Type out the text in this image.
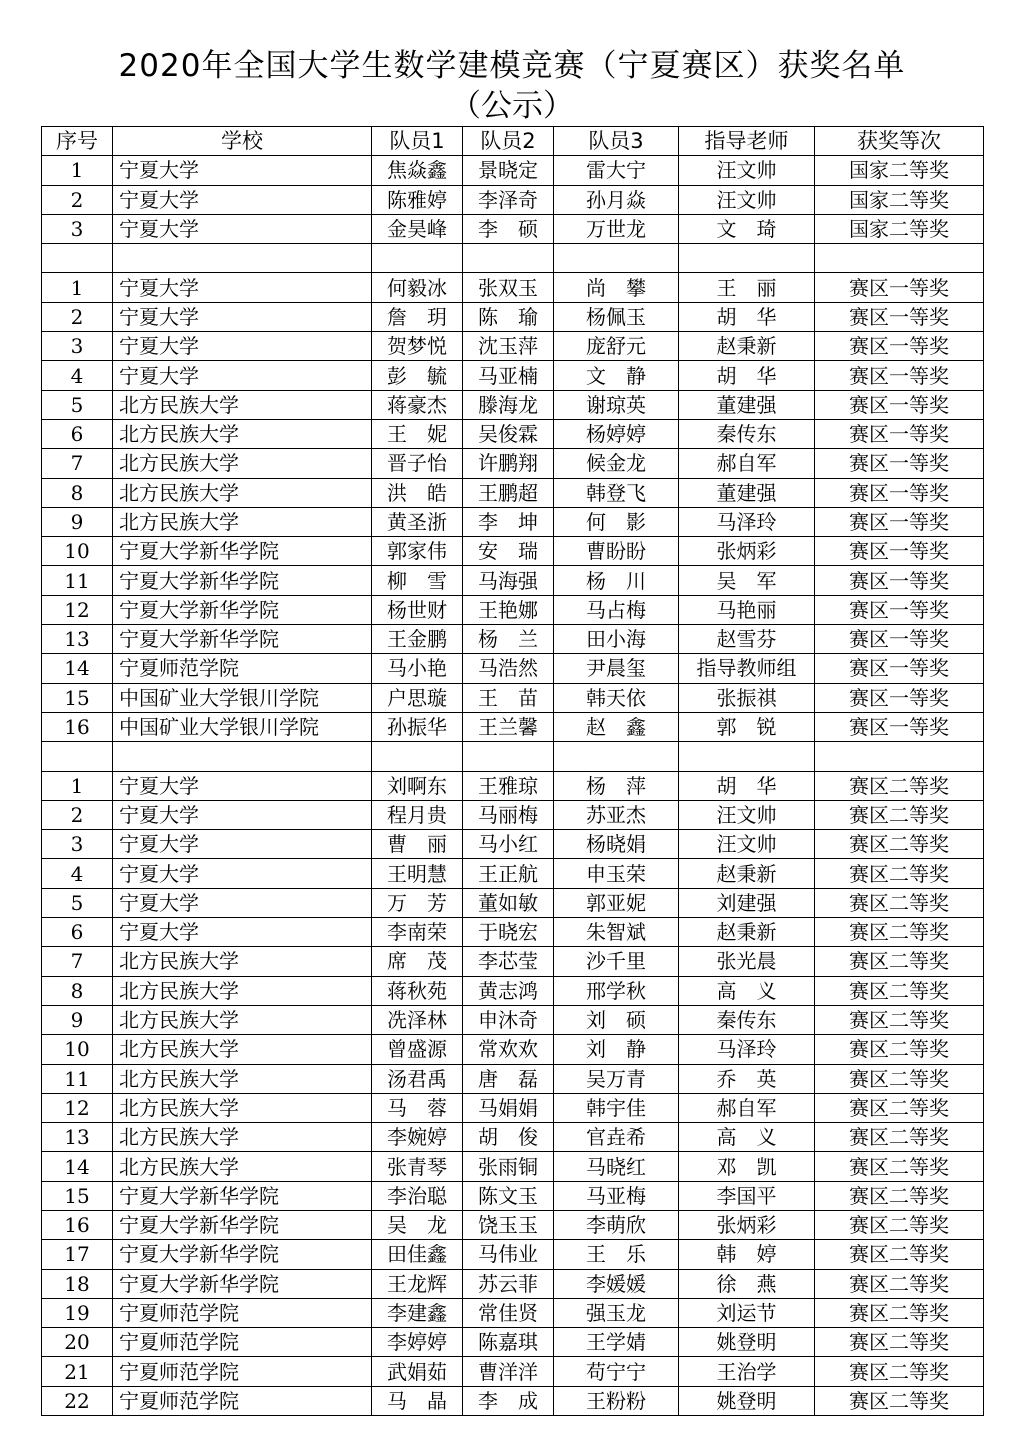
2020年全国大学生数学建模竞赛（宁夏赛区）获奖名单
（公示）
序号	学校	队员1	队员2	队员3	指导老师	获奖等次
1	宁夏大学	焦焱鑫	景晓定	雷大宁	汪文帅	国家二等奖
2	宁夏大学	陈雅婷	李泽奇	孙月焱	汪文帅	国家二等奖
3	宁夏大学	金昊峰	李　硕	万世龙	文　琦	国家二等奖

1	宁夏大学	何毅冰	张双玉	尚　攀	王　丽	赛区一等奖
2	宁夏大学	詹　玥	陈　瑜	杨佩玉	胡　华	赛区一等奖
3	宁夏大学	贺梦悦	沈玉萍	庞舒元	赵秉新	赛区一等奖
4	宁夏大学	彭　毓	马亚楠	文　静	胡　华	赛区一等奖
5	北方民族大学	蒋豪杰	滕海龙	谢琼英	董建强	赛区一等奖
6	北方民族大学	王　妮	吴俊霖	杨婷婷	秦传东	赛区一等奖
7	北方民族大学	晋子怡	许鹏翔	候金龙	郝自军	赛区一等奖
8	北方民族大学	洪　皓	王鹏超	韩登飞	董建强	赛区一等奖
9	北方民族大学	黄圣浙	李　坤	何　影	马泽玲	赛区一等奖
10	宁夏大学新华学院	郭家伟	安　瑞	曹盼盼	张炳彩	赛区一等奖
11	宁夏大学新华学院	柳　雪	马海强	杨　川	吴　军	赛区一等奖
12	宁夏大学新华学院	杨世财	王艳娜	马占梅	马艳丽	赛区一等奖
13	宁夏大学新华学院	王金鹏	杨　兰	田小海	赵雪芬	赛区一等奖
14	宁夏师范学院	马小艳	马浩然	尹晨玺	指导教师组	赛区一等奖
15	中国矿业大学银川学院	户思璇	王　苗	韩天依	张振祺	赛区一等奖
16	中国矿业大学银川学院	孙振华	王兰馨	赵　鑫	郭　锐	赛区一等奖

1	宁夏大学	刘啊东	王雅琼	杨　萍	胡　华	赛区二等奖
2	宁夏大学	程月贵	马丽梅	苏亚杰	汪文帅	赛区二等奖
3	宁夏大学	曹　丽	马小红	杨晓娟	汪文帅	赛区二等奖
4	宁夏大学	王明慧	王正航	申玉荣	赵秉新	赛区二等奖
5	宁夏大学	万　芳	董如敏	郭亚妮	刘建强	赛区二等奖
6	宁夏大学	李南荣	于晓宏	朱智斌	赵秉新	赛区二等奖
7	北方民族大学	席　茂	李芯莹	沙千里	张光晨	赛区二等奖
8	北方民族大学	蒋秋苑	黄志鸿	邢学秋	高　义	赛区二等奖
9	北方民族大学	冼泽林	申沐奇	刘　硕	秦传东	赛区二等奖
10	北方民族大学	曾盛源	常欢欢	刘　静	马泽玲	赛区二等奖
11	北方民族大学	汤君禹	唐　磊	吴万青	乔　英	赛区二等奖
12	北方民族大学	马　蓉	马娟娟	韩宇佳	郝自军	赛区二等奖
13	北方民族大学	李婉婷	胡　俊	官垚希	高　义	赛区二等奖
14	北方民族大学	张青琴	张雨铜	马晓红	邓　凯	赛区二等奖
15	宁夏大学新华学院	李治聪	陈文玉	马亚梅	李国平	赛区二等奖
16	宁夏大学新华学院	吴　龙	饶玉玉	李萌欣	张炳彩	赛区二等奖
17	宁夏大学新华学院	田佳鑫	马伟业	王　乐	韩　婷	赛区二等奖
18	宁夏大学新华学院	王龙辉	苏云菲	李媛媛	徐　燕	赛区二等奖
19	宁夏师范学院	李建鑫	常佳贤	强玉龙	刘运节	赛区二等奖
20	宁夏师范学院	李婷婷	陈嘉琪	王学婧	姚登明	赛区二等奖
21	宁夏师范学院	武娟茹	曹洋洋	苟宁宁	王治学	赛区二等奖
22	宁夏师范学院	马　晶	李　成	王粉粉	姚登明	赛区二等奖
